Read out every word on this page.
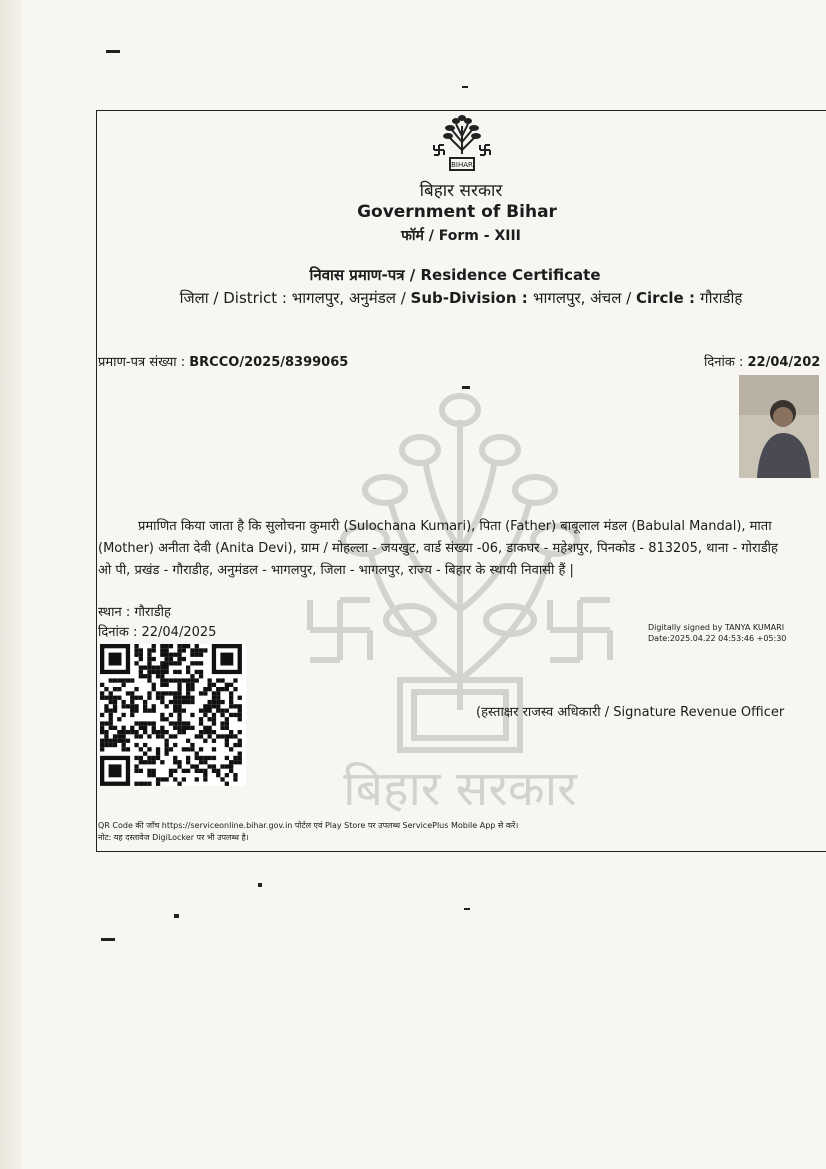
BIHAR
बिहार सरकार
Government of Bihar
फॉर्म / Form - XIII
निवास प्रमाण-पत्र / Residence Certificate
जिला / District : भागलपुर, अनुमंडल / Sub-Division : भागलपुर, अंचल / Circle : गौराडीह
बिहार सरकार
प्रमाण-पत्र संख्या : BRCCO/2025/8399065	दिनांक : 22/04/202
प्रमाणित किया जाता है कि सुलोचना कुमारी (Sulochana Kumari), पिता (Father) बाबूलाल मंडल (Babulal Mandal), माता
(Mother) अनीता देवी (Anita Devi), ग्राम / मोहल्ला - जयखुट, वार्ड संख्या -06, डाकघर - महेशपुर, पिनकोड - 813205, थाना - गोराडीह
ओ पी, प्रखंड - गौराडीह, अनुमंडल - भागलपुर, जिला - भागलपुर, राज्य - बिहार के स्थायी निवासी हैं |
स्थान : गौराडीह
दिनांक : 22/04/2025	Digitally signed by TANYA KUMARI
Date:2025.04.22 04:53:46 +05:30
(हस्ताक्षर राजस्व अधिकारी / Signature Revenue Officer
QR Code की जाँच https://serviceonline.bihar.gov.in पोर्टल एवं Play Store पर उपलब्ध ServicePlus Mobile App से करें।
नोट: यह दस्तावेज DigiLocker पर भी उपलब्ध है।
